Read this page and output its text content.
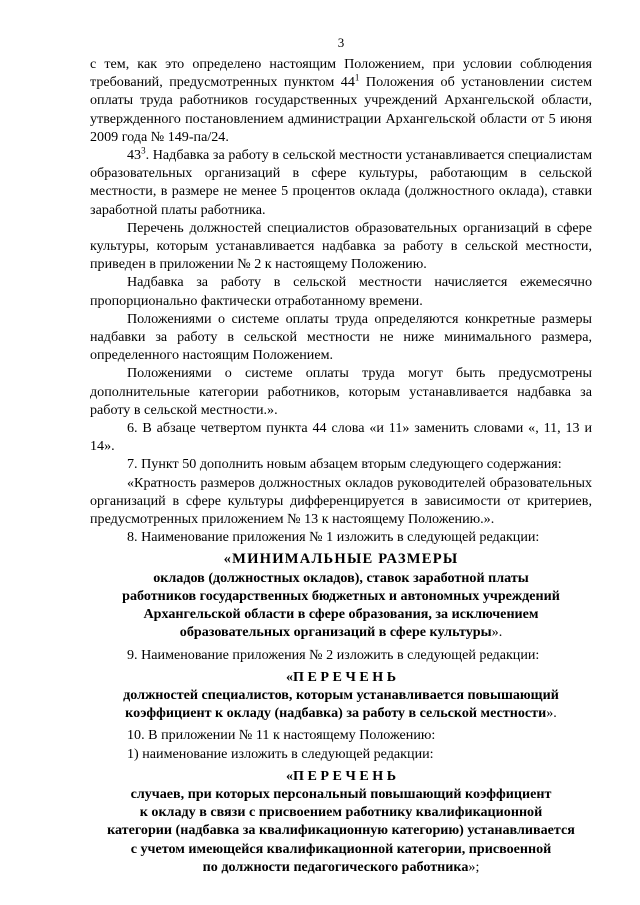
3

с тем, как это определено настоящим Положением, при условии соблюдения требований, предусмотренных пунктом $44^1$ Положения об установлении систем оплаты труда работников государственных учреждений Архангельской области, утвержденного постановлением администрации Архангельской области от 5 июня 2009 года № 149-па/24.

$43^3$. Надбавка за работу в сельской местности устанавливается специалистам образовательных организаций в сфере культуры, работающим в сельской местности, в размере не менее 5 процентов оклада (должностного оклада), ставки заработной платы работника.

Перечень должностей специалистов образовательных организаций в сфере культуры, которым устанавливается надбавка за работу в сельской местности, приведен в приложении № 2 к настоящему Положению.

Надбавка за работу в сельской местности начисляется ежемесячно пропорционально фактически отработанному времени.

Положениями о системе оплаты труда определяются конкретные размеры надбавки за работу в сельской местности не ниже минимального размера, определенного настоящим Положением.

Положениями о системе оплаты труда могут быть предусмотрены дополнительные категории работников, которым устанавливается надбавка за работу в сельской местности.».

6. В абзаце четвертом пункта 44 слова «и 11» заменить словами «, 11, 13 и 14».

7. Пункт 50 дополнить новым абзацем вторым следующего содержания:

«Кратность размеров должностных окладов руководителей образовательных организаций в сфере культуры дифференцируется в зависимости от критериев, предусмотренных приложением № 13 к настоящему Положению.».

8. Наименование приложения № 1 изложить в следующей редакции:

«МИНИМАЛЬНЫЕ РАЗМЕРЫ
окладов (должностных окладов), ставок заработной платы
работников государственных бюджетных и автономных учреждений
Архангельской области в сфере образования, за исключением
образовательных организаций в сфере культуры».

9. Наименование приложения № 2 изложить в следующей редакции:

«П Е Р Е Ч Е Н Ь
должностей специалистов, которым устанавливается повышающий
коэффициент к окладу (надбавка) за работу в сельской местности».

10. В приложении № 11 к настоящему Положению:

1) наименование изложить в следующей редакции:

«П Е Р Е Ч Е Н Ь
случаев, при которых персональный повышающий коэффициент
к окладу в связи с присвоением работнику квалификационной
категории (надбавка за квалификационную категорию) устанавливается
с учетом имеющейся квалификационной категории, присвоенной
по должности педагогического работника»;
